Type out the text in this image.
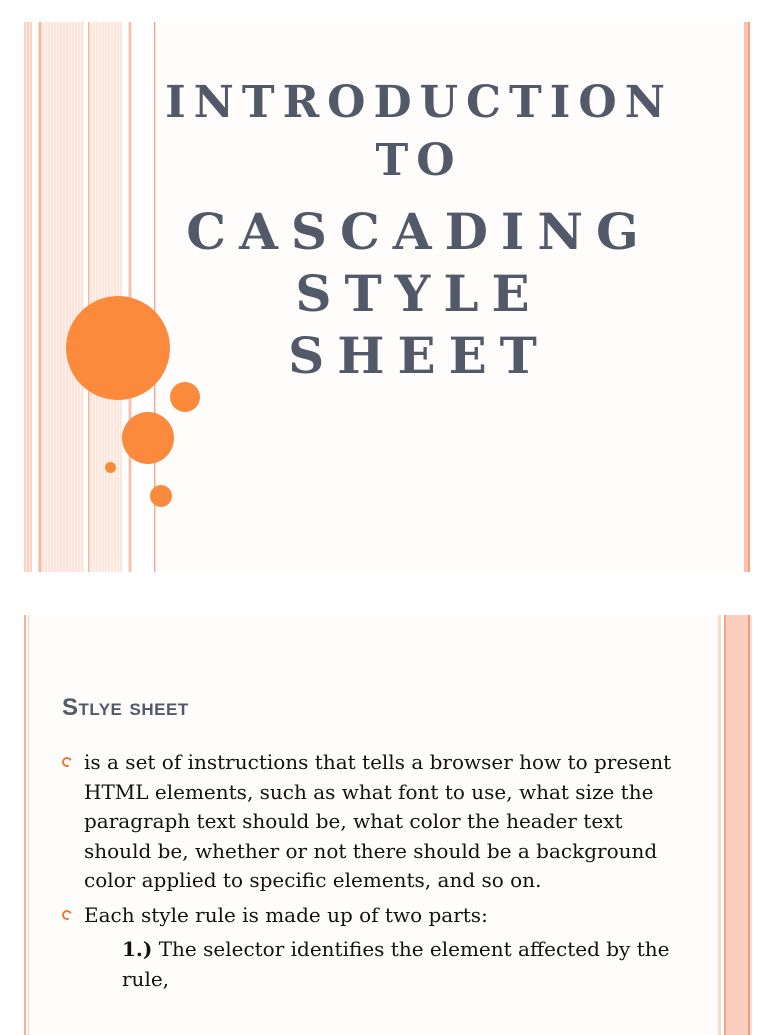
INTRODUCTION
TO
CASCADING
STYLE
SHEET
Stlye sheet
is a set of instructions that tells a browser how to present HTML elements, such as what font to use, what size the paragraph text should be, what color the header text should be, whether or not there should be a background color applied to specific elements, and so on.
Each style rule is made up of two parts:
1.) The selector identifies the element affected by the rule,
